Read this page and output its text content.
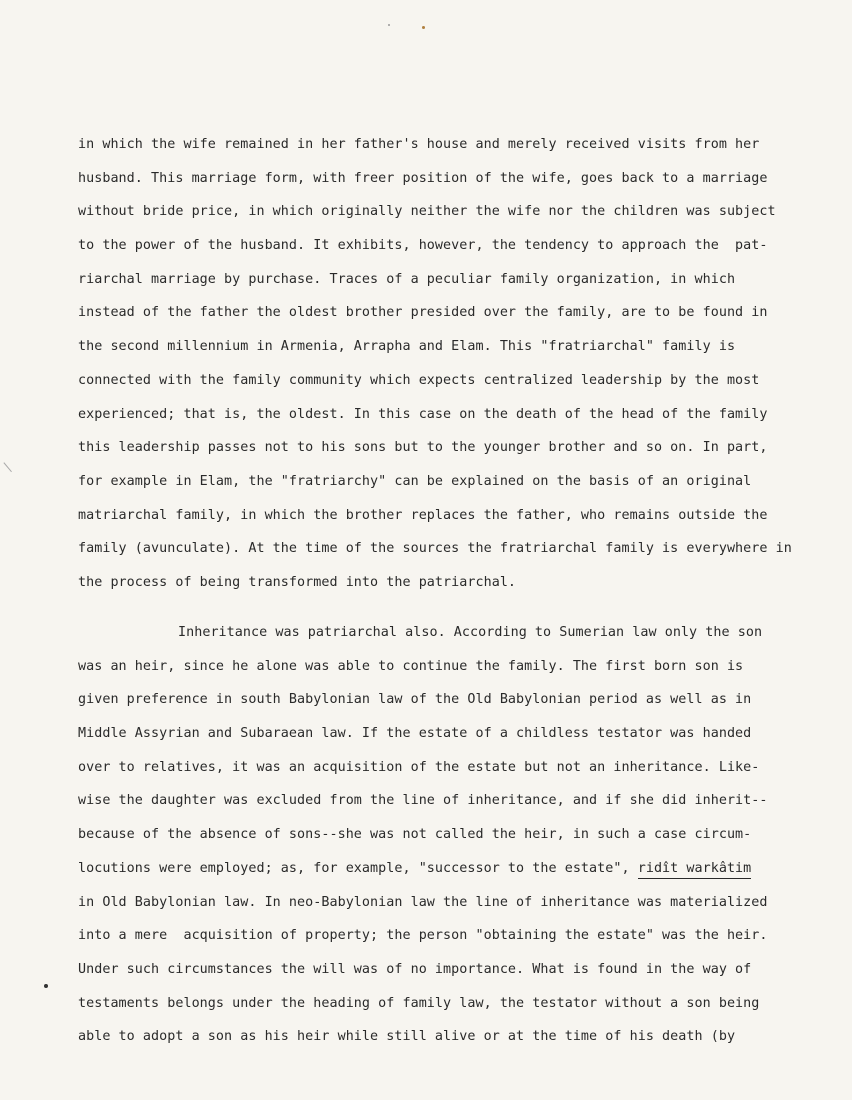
in which the wife remained in her father's house and merely received visits from her
husband. This marriage form, with freer position of the wife, goes back to a marriage
without bride price, in which originally neither the wife nor the children was subject
to the power of the husband. It exhibits, however, the tendency to approach the  pat-
riarchal marriage by purchase. Traces of a peculiar family organization, in which
instead of the father the oldest brother presided over the family, are to be found in
the second millennium in Armenia, Arrapha and Elam. This "fratriarchal" family is
connected with the family community which expects centralized leadership by the most
experienced; that is, the oldest. In this case on the death of the head of the family
this leadership passes not to his sons but to the younger brother and so on. In part,
for example in Elam, the "fratriarchy" can be explained on the basis of an original
matriarchal family, in which the brother replaces the father, who remains outside the
family (avunculate). At the time of the sources the fratriarchal family is everywhere in
the process of being transformed into the patriarchal.
Inheritance was patriarchal also. According to Sumerian law only the son
was an heir, since he alone was able to continue the family. The first born son is
given preference in south Babylonian law of the Old Babylonian period as well as in
Middle Assyrian and Subaraean law. If the estate of a childless testator was handed
over to relatives, it was an acquisition of the estate but not an inheritance. Like-
wise the daughter was excluded from the line of inheritance, and if she did inherit--
because of the absence of sons--she was not called the heir, in such a case circum-
locutions were employed; as, for example, "successor to the estate", ridît warkâtim
in Old Babylonian law. In neo-Babylonian law the line of inheritance was materialized
into a mere  acquisition of property; the person "obtaining the estate" was the heir.
Under such circumstances the will was of no importance. What is found in the way of
testaments belongs under the heading of family law, the testator without a son being
able to adopt a son as his heir while still alive or at the time of his death (by
